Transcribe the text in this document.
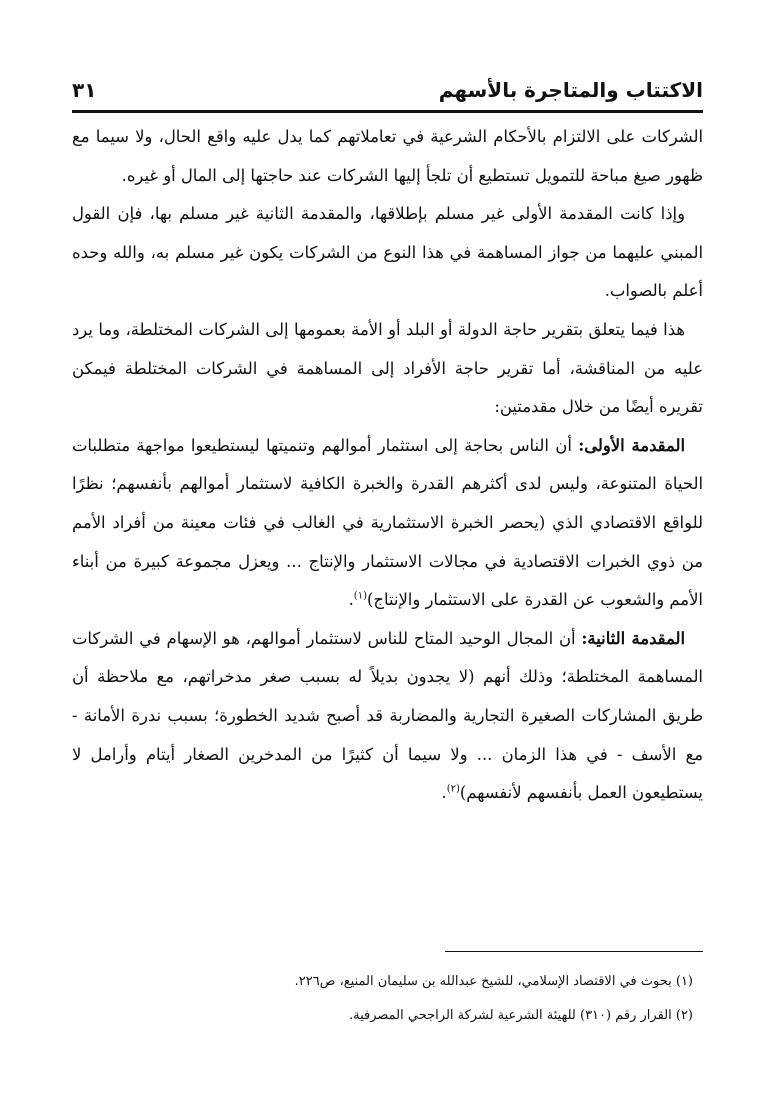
الاكتتاب والمتاجرة بالأسهم
٣١

الشركات على الالتزام بالأحكام الشرعية في تعاملاتهم كما يدل عليه واقع الحال، ولا سيما مع ظهور صيغ مباحة للتمويل تستطيع أن تلجأ إليها الشركات عند حاجتها إلى المال أو غيره.

وإذا كانت المقدمة الأولى غير مسلم بإطلاقها، والمقدمة الثانية غير مسلم بها، فإن القول المبني عليهما من جواز المساهمة في هذا النوع من الشركات يكون غير مسلم به، والله وحده أعلم بالصواب.

هذا فيما يتعلق بتقرير حاجة الدولة أو البلد أو الأمة بعمومها إلى الشركات المختلطة، وما يرد عليه من المناقشة، أما تقرير حاجة الأفراد إلى المساهمة في الشركات المختلطة فيمكن تقريره أيضًا من خلال مقدمتين:

المقدمة الأولى: أن الناس بحاجة إلى استثمار أموالهم وتنميتها ليستطيعوا مواجهة متطلبات الحياة المتنوعة، وليس لدى أكثرهم القدرة والخبرة الكافية لاستثمار أموالهم بأنفسهم؛ نظرًا للواقع الاقتصادي الذي (يحصر الخبرة الاستثمارية في الغالب في فئات معينة من أفراد الأمم من ذوي الخبرات الاقتصادية في مجالات الاستثمار والإنتاج ... ويعزل مجموعة كبيرة من أبناء الأمم والشعوب عن القدرة على الاستثمار والإنتاج)$^{(١)}$.

المقدمة الثانية: أن المجال الوحيد المتاح للناس لاستثمار أموالهم، هو الإسهام في الشركات المساهمة المختلطة؛ وذلك أنهم (لا يجدون بديلاً له بسبب صغر مدخراتهم، مع ملاحظة أن طريق المشاركات الصغيرة التجارية والمضاربة قد أصبح شديد الخطورة؛ بسبب ندرة الأمانة - مع الأسف - في هذا الزمان ... ولا سيما أن كثيرًا من المدخرين الصغار أيتام وأرامل لا يستطيعون العمل بأنفسهم لأنفسهم)$^{(٢)}$.

(١) بحوث في الاقتصاد الإسلامي، للشيخ عبدالله بن سليمان المنيع، ص٢٢٦.
(٢) القرار رقم (٣١٠) للهيئة الشرعية لشركة الراجحي المصرفية.
